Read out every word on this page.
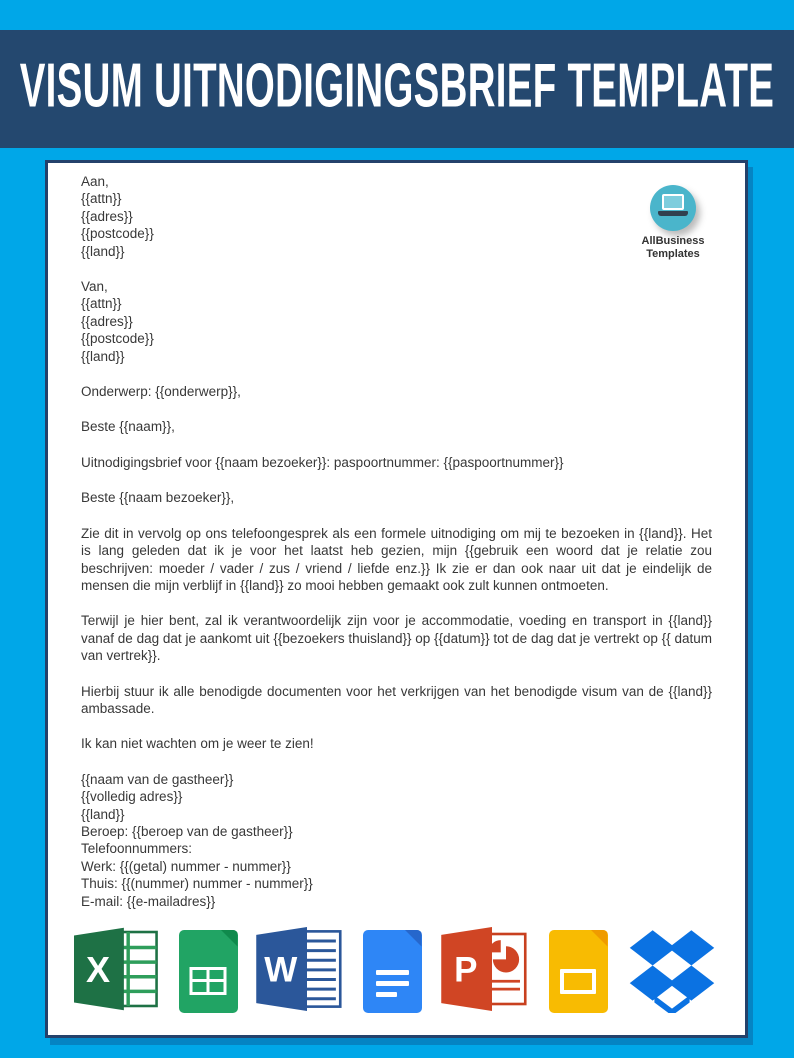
VISUM UITNODIGINGSBRIEF TEMPLATE
AllBusiness
Templates
Aan,
{{attn}}
{{adres}}
{{postcode}}
{{land}}
Van,
{{attn}}
{{adres}}
{{postcode}}
{{land}}
Onderwerp: {{onderwerp}},
Beste {{naam}},
Uitnodigingsbrief voor {{naam bezoeker}}: paspoortnummer: {{paspoortnummer}}
Beste {{naam bezoeker}},
Zie dit in vervolg op ons telefoongesprek als een formele uitnodiging om mij te bezoeken in {{land}}. Het is lang geleden dat ik je voor het laatst heb gezien, mijn {{gebruik een woord dat je relatie zou beschrijven: moeder / vader / zus / vriend / liefde enz.}} Ik zie er dan ook naar uit dat je eindelijk de mensen die mijn verblijf in {{land}} zo mooi hebben gemaakt ook zult kunnen ontmoeten.
Terwijl je hier bent, zal ik verantwoordelijk zijn voor je accommodatie, voeding en transport in {{land}} vanaf de dag dat je aankomt uit {{bezoekers thuisland}} op {{datum}} tot de dag dat je vertrekt op {{ datum van vertrek}}.
Hierbij stuur ik alle benodigde documenten voor het verkrijgen van het benodigde visum van de {{land}} ambassade.
Ik kan niet wachten om je weer te zien!
{{naam van de gastheer}}
{{volledig adres}}
{{land}}
Beroep: {{beroep van de gastheer}}
Telefoonnummers:
Werk: {{(getal) nummer - nummer}}
Thuis: {{(nummer) nummer - nummer}}
E-mail: {{e-mailadres}}
X	W	P
